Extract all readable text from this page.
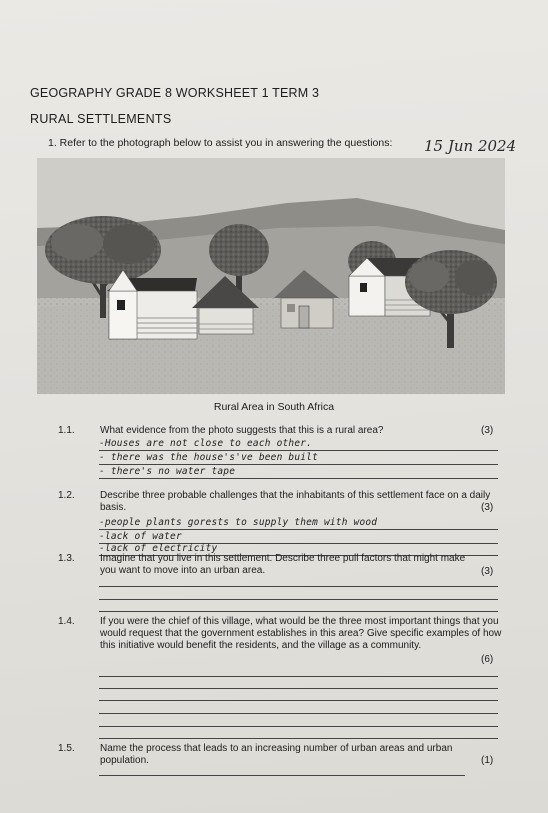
GEOGRAPHY GRADE 8 WORKSHEET 1 TERM 3
RURAL SETTLEMENTS
1. Refer to the photograph below to assist you in answering the questions: 15 Jun 2024
Rural Area in South Africa
1.1.	What evidence from the photo suggests that this is a rural area?	(3)
-Houses are not close to each other.
- there was the house's've been built
- there's no water tape
1.2.	Describe three probable challenges that the inhabitants of this settlement face on a daily basis.	(3)
-people plants gorests to supply them with wood
-lack of water
-lack of electricity
1.3.	Imagine that you live in this settlement. Describe three pull factors that might make you want to move into an urban area.	(3)
1.4.	If you were the chief of this village, what would be the three most important things that you would request that the government establishes in this area? Give specific examples of how this initiative would benefit the residents, and the village as a community.
(6)
1.5.	Name the process that leads to an increasing number of urban areas and urban population.	(1)
